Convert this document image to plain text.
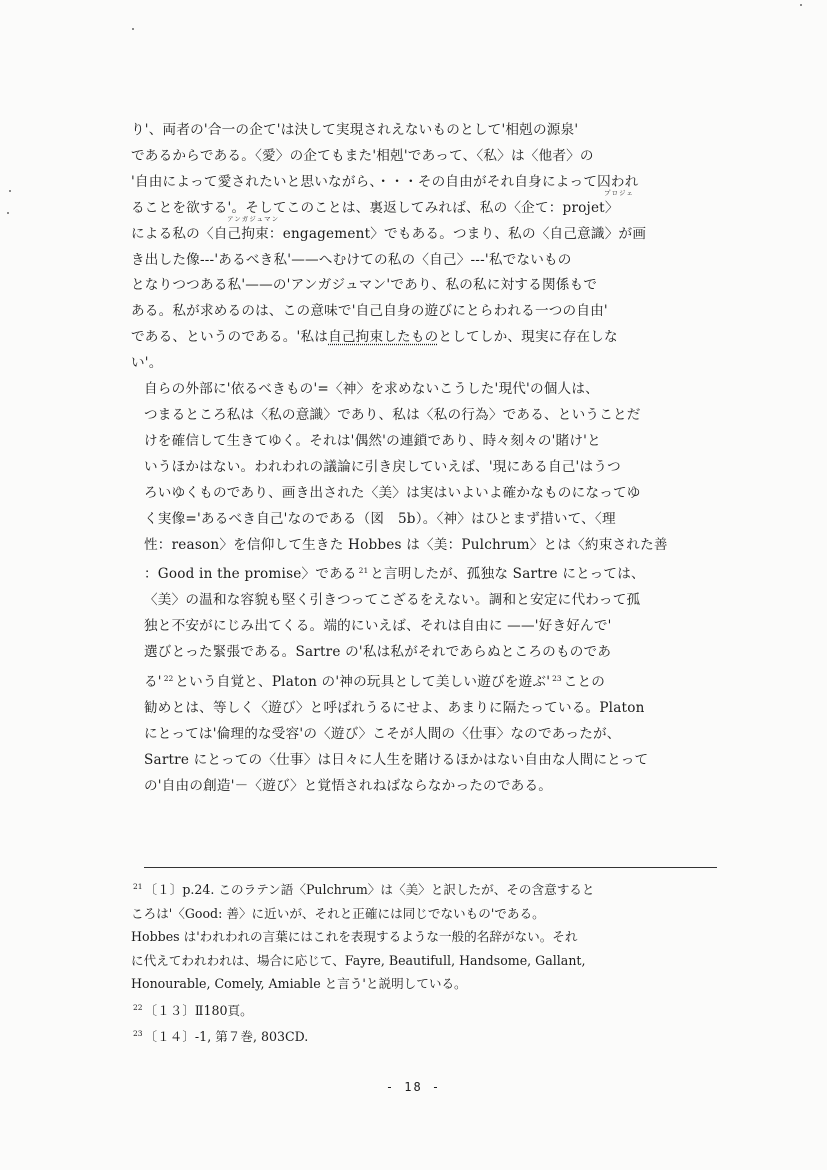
り'、両者の'合一の企て'は決して実現されえないものとして'相剋の源泉'
であるからである。〈愛〉の企てもまた'相剋'であって、〈私〉は〈他者〉の
'自由によって愛されたいと思いながら、・・・その自由がそれ自身によって囚われ
プロジェ
ることを欲する'。そしてこのことは、裏返してみれば、私の〈企て：projet〉
アンガジュマン
による私の〈自己拘束：engagement〉でもある。つまり、私の〈自己意識〉が画
き出した像---'あるべき私'——へむけての私の〈自己〉---'私でないもの
となりつつある私'——の'アンガジュマン'であり、私の私に対する関係もで
ある。私が求めるのは、この意味で'自己自身の遊びにとらわれる一つの自由'
である、というのである。'私は自己拘束したものとしてしか、現実に存在しな
い'。

自らの外部に'依るべきもの'=〈神〉を求めないこうした'現代'の個人は、
つまるところ私は〈私の意識〉であり、私は〈私の行為〉である、ということだ
けを確信して生きてゆく。それは'偶然'の連鎖であり、時々刻々の'賭け'と
いうほかはない。われわれの議論に引き戻していえば、'現にある自己'はうつ
ろいゆくものであり、画き出された〈美〉は実はいよいよ確かなものになってゆ
く実像='あるべき自己'なのである（図　5b）。〈神〉はひとまず措いて、〈理
性：reason〉を信仰して生きた Hobbes は〈美：Pulchrum〉とは〈約束された善
：Good in the promise〉である $^{21}$ と言明したが、孤独な Sartre にとっては、
〈美〉の温和な容貌も堅く引きつってこざるをえない。調和と安定に代わって孤
独と不安がにじみ出てくる。端的にいえば、それは自由に ——'好き好んで'
選びとった緊張である。Sartre の'私は私がそれであらぬところのものであ
る' $^{22}$ という自覚と、Platon の'神の玩具として美しい遊びを遊ぶ' $^{23}$ ことの
勧めとは、等しく〈遊び〉と呼ばれうるにせよ、あまりに隔たっている。Platon
にとっては'倫理的な受容'の〈遊び〉こそが人間の〈仕事〉なのであったが、
Sartre にとっての〈仕事〉は日々に人生を賭けるほかはない自由な人間にとって
の'自由の創造'－〈遊び〉と覚悟されねばならなかったのである。

$^{21}$ 〔１〕p.24. このラテン語〈Pulchrum〉は〈美〉と訳したが、その含意すると
ころは'〈Good: 善〉に近いが、それと正確には同じでないもの'である。
Hobbes は'われわれの言葉にはこれを表現するような一般的名辞がない。それ
に代えてわれわれは、場合に応じて、Fayre, Beautifull, Handsome, Gallant,
Honourable, Comely, Amiable と言う'と説明している。

$^{22}$ 〔１３〕Ⅱ180頁。

$^{23}$ 〔１４〕-1, 第７巻, 803CD.

- 18 -
